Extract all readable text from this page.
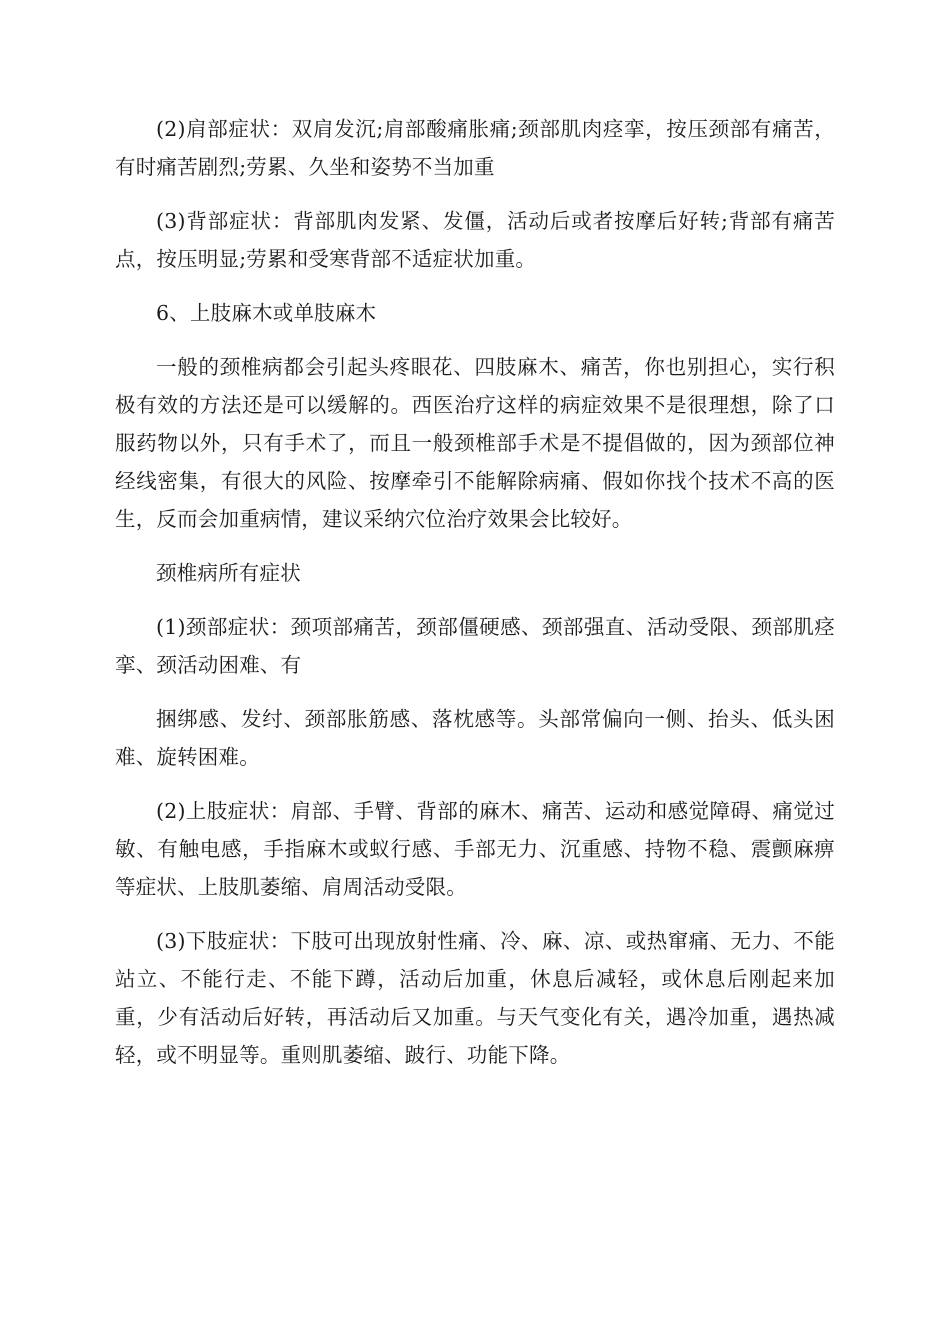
(2)肩部症状：双肩发沉;肩部酸痛胀痛;颈部肌肉痉挛，按压颈部有痛苦，有时痛苦剧烈;劳累、久坐和姿势不当加重

(3)背部症状：背部肌肉发紧、发僵，活动后或者按摩后好转;背部有痛苦点，按压明显;劳累和受寒背部不适症状加重。

6、上肢麻木或单肢麻木

一般的颈椎病都会引起头疼眼花、四肢麻木、痛苦，你也别担心，实行积极有效的方法还是可以缓解的。西医治疗这样的病症效果不是很理想，除了口服药物以外，只有手术了，而且一般颈椎部手术是不提倡做的，因为颈部位神经线密集，有很大的风险、按摩牵引不能解除病痛、假如你找个技术不高的医生，反而会加重病情，建议采纳穴位治疗效果会比较好。

颈椎病所有症状

(1)颈部症状：颈项部痛苦，颈部僵硬感、颈部强直、活动受限、颈部肌痉挛、颈活动困难、有

捆绑感、发纣、颈部胀筋感、落枕感等。头部常偏向一侧、抬头、低头困难、旋转困难。

(2)上肢症状：肩部、手臂、背部的麻木、痛苦、运动和感觉障碍、痛觉过敏、有触电感，手指麻木或蚁行感、手部无力、沉重感、持物不稳、震颤麻痹等症状、上肢肌萎缩、肩周活动受限。

(3)下肢症状：下肢可出现放射性痛、冷、麻、凉、或热窜痛、无力、不能站立、不能行走、不能下蹲，活动后加重，休息后减轻，或休息后刚起来加重，少有活动后好转，再活动后又加重。与天气变化有关，遇冷加重，遇热减轻，或不明显等。重则肌萎缩、跛行、功能下降。
